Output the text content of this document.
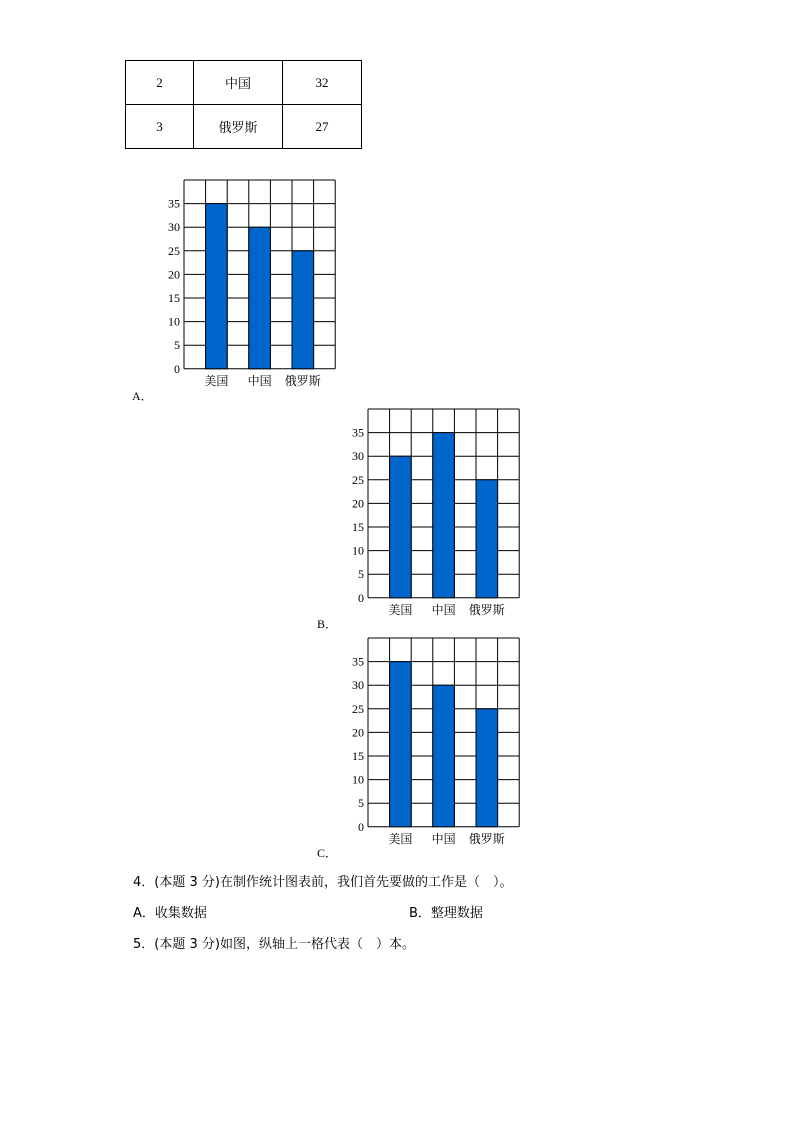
2	中国	32
3	俄罗斯	27
美国 中国 俄罗斯
0
5
10
15
20
25
30
35
A．
美国 中国 俄罗斯
0
5
10
15
20
25
30
35
B．
美国 中国 俄罗斯
0
5
10
15
20
25
30
35
C．
4．(本题 3 分)在制作统计图表前，我们首先要做的工作是（　）。
A．收集数据	B．整理数据
5．(本题 3 分)如图，纵轴上一格代表（　）本。
